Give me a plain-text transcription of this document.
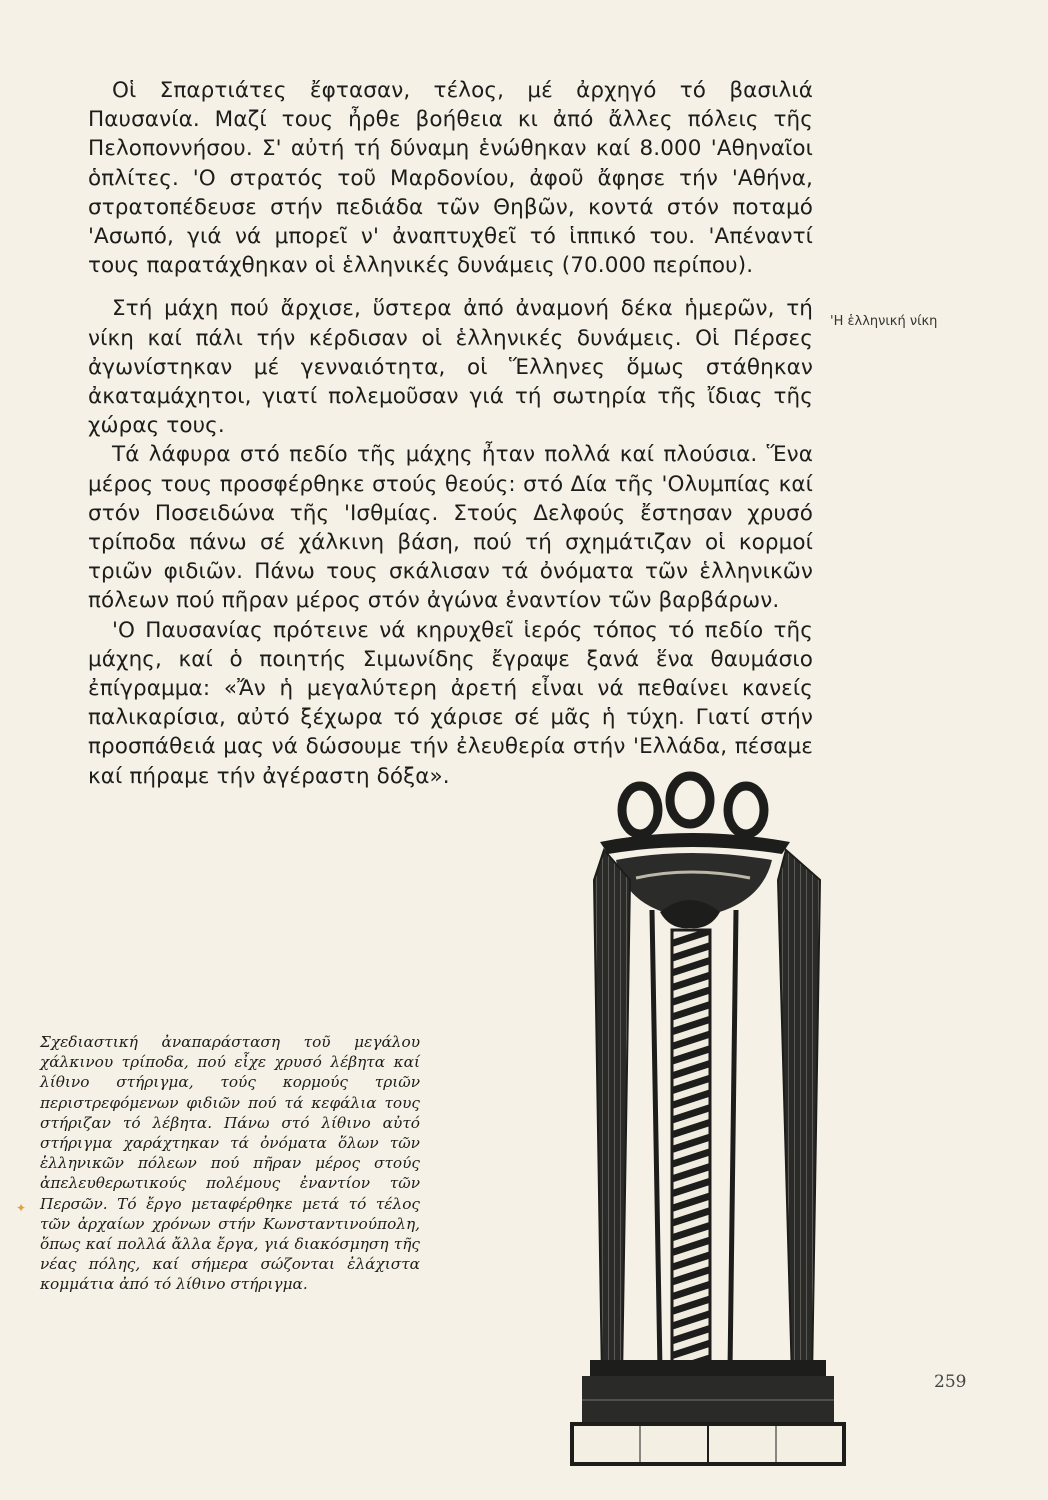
Οἱ Σπαρτιάτες ἔφτασαν, τέλος, μέ ἀρχηγό τό βασιλιά Παυσανία. Μαζί τους ἦρθε βοήθεια κι ἀπό ἄλλες πόλεις τῆς Πελοποννήσου. Σ' αὐτή τή δύναμη ἑνώθηκαν καί 8.000 'Αθηναῖοι ὁπλίτες. 'Ο στρατός τοῦ Μαρδονίου, ἀφοῦ ἄφησε τήν 'Αθήνα, στρατοπέδευσε στήν πεδιάδα τῶν Θηβῶν, κοντά στόν ποταμό 'Ασωπό, γιά νά μπορεῖ ν' ἀναπτυχθεῖ τό ἱππικό του. 'Απέναντί τους παρατάχθηκαν οἱ ἑλληνικές δυνάμεις (70.000 περίπου).

Στή μάχη πού ἄρχισε, ὕστερα ἀπό ἀναμονή δέκα ἡμερῶν, τή νίκη καί πάλι τήν κέρδισαν οἱ ἑλληνικές δυνάμεις. Οἱ Πέρσες ἀγωνίστηκαν μέ γενναιότητα, οἱ Ἕλληνες ὅμως στάθηκαν ἀκαταμάχητοι, γιατί πολεμοῦσαν γιά τή σωτηρία τῆς ἴδιας τῆς χώρας τους.

Τά λάφυρα στό πεδίο τῆς μάχης ἦταν πολλά καί πλούσια. Ἕνα μέρος τους προσφέρθηκε στούς θεούς: στό Δία τῆς 'Ολυμπίας καί στόν Ποσειδώνα τῆς 'Ισθμίας. Στούς Δελφούς ἔστησαν χρυσό τρίποδα πάνω σέ χάλκινη βάση, πού τή σχημάτιζαν οἱ κορμοί τριῶν φιδιῶν. Πάνω τους σκάλισαν τά ὀνόματα τῶν ἑλληνικῶν πόλεων πού πῆραν μέρος στόν ἀγώνα ἐναντίον τῶν βαρβάρων.

'Ο Παυσανίας πρότεινε νά κηρυχθεῖ ἱερός τόπος τό πεδίο τῆς μάχης, καί ὁ ποιητής Σιμωνίδης ἔγραψε ξανά ἕνα θαυμάσιο ἐπίγραμμα: «Ἄν ἡ μεγαλύτερη ἀρετή εἶναι νά πεθαίνει κανείς παλικαρίσια, αὐτό ξέχωρα τό χάρισε σέ μᾶς ἡ τύχη. Γιατί στήν προσπάθειά μας νά δώσουμε τήν ἐλευθερία στήν 'Ελλάδα, πέσαμε καί πήραμε τήν ἀγέραστη δόξα».

'Η ἑλληνική νίκη
✦
Σχεδιαστική ἀναπαράσταση τοῦ μεγάλου χάλκινου τρίποδα, πού εἶχε χρυσό λέβητα καί λίθινο στήριγμα, τούς κορμούς τριῶν περιστρεφόμενων φιδιῶν πού τά κεφάλια τους στήριζαν τό λέβητα. Πάνω στό λίθινο αὐτό στήριγμα χαράχτηκαν τά ὀνόματα ὅλων τῶν ἑλληνικῶν πόλεων πού πῆραν μέρος στούς ἀπελευθερωτικούς πολέμους ἐναντίον τῶν Περσῶν. Τό ἔργο μεταφέρθηκε μετά τό τέλος τῶν ἀρχαίων χρόνων στήν Κωνσταντινούπολη, ὅπως καί πολλά ἄλλα ἔργα, γιά διακόσμηση τῆς νέας πόλης, καί σήμερα σώζονται ἐλάχιστα κομμάτια ἀπό τό λίθινο στήριγμα.
259
